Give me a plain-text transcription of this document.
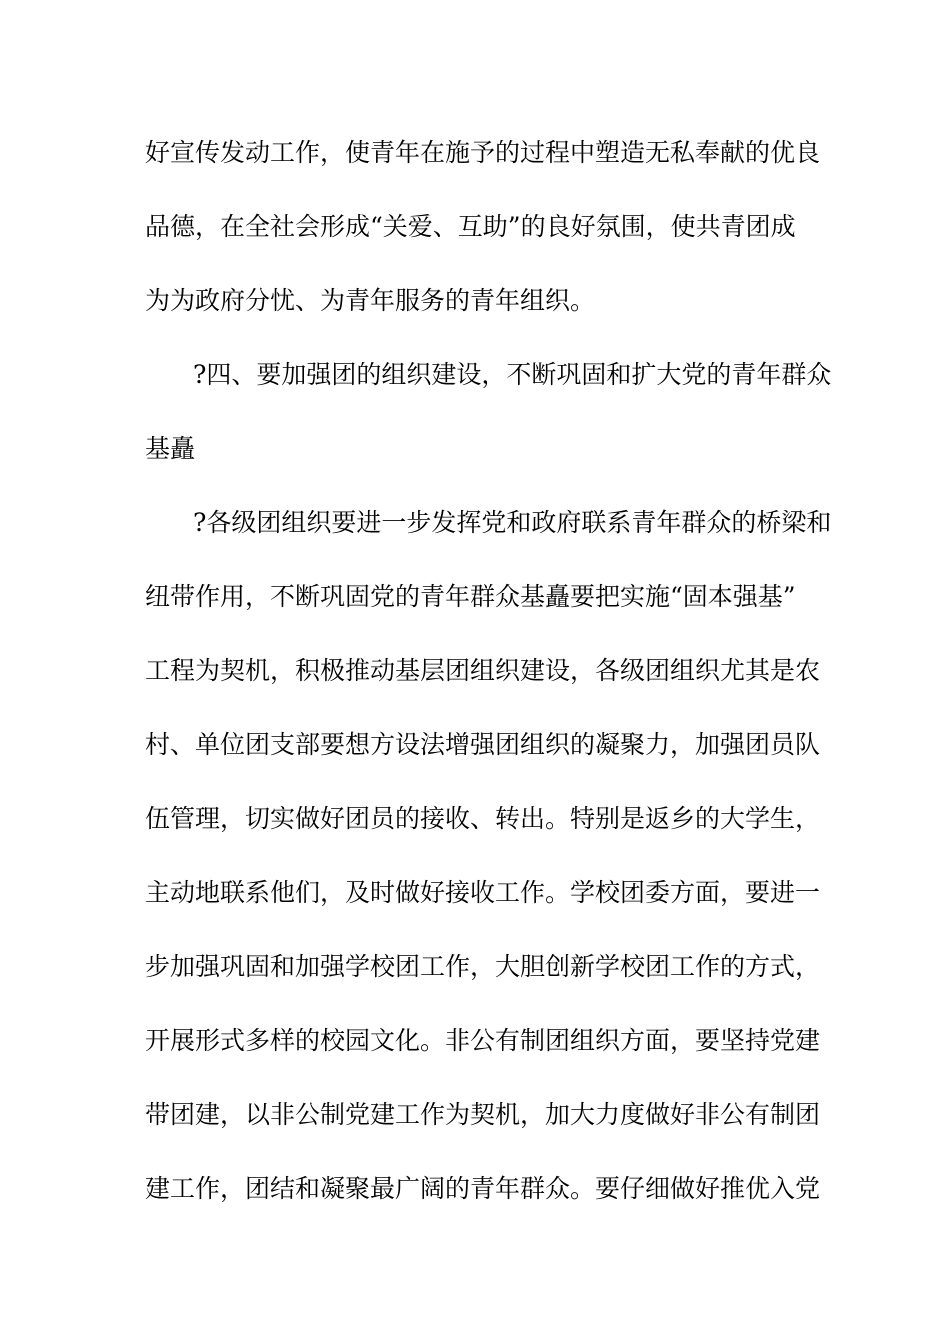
好宣传发动工作，使青年在施予的过程中塑造无私奉献的优良
品德，在全社会形成“关爱、互助”的良好氛围，使共青团成
为为政府分忧、为青年服务的青年组织。
?四、要加强团的组织建设，不断巩固和扩大党的青年群众
基矗
?各级团组织要进一步发挥党和政府联系青年群众的桥梁和
纽带作用，不断巩固党的青年群众基矗要把实施“固本强基”
工程为契机，积极推动基层团组织建设，各级团组织尤其是农
村、单位团支部要想方设法增强团组织的凝聚力，加强团员队
伍管理，切实做好团员的接收、转出。特别是返乡的大学生，
主动地联系他们，及时做好接收工作。学校团委方面，要进一
步加强巩固和加强学校团工作，大胆创新学校团工作的方式，
开展形式多样的校园文化。非公有制团组织方面，要坚持党建
带团建，以非公制党建工作为契机，加大力度做好非公有制团
建工作，团结和凝聚最广阔的青年群众。要仔细做好推优入党
